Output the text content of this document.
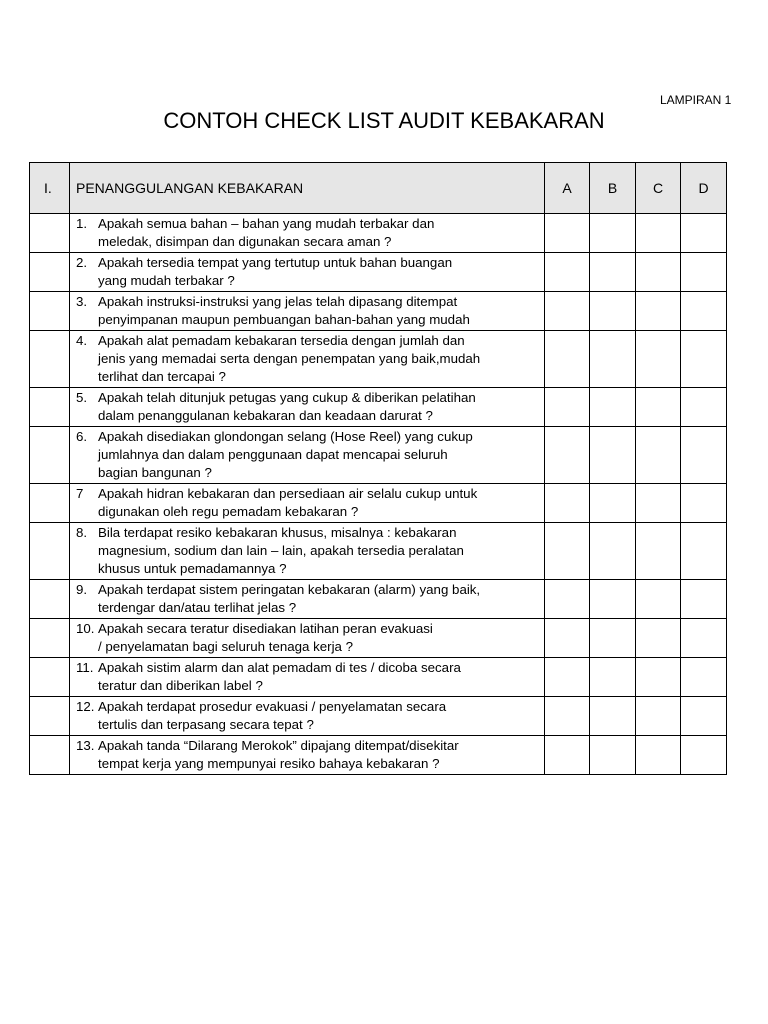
LAMPIRAN 1
CONTOH CHECK LIST AUDIT KEBAKARAN
I.	PENANGGULANGAN KEBAKARAN	A	B	C	D

	1. Apakah semua bahan – bahan yang mudah terbakar dan
meledak, disimpan dan digunakan secara aman ?				

	2. Apakah tersedia tempat yang tertutup untuk bahan buangan
yang mudah terbakar ?				

	3. Apakah instruksi-instruksi yang jelas telah dipasang ditempat
penyimpanan maupun pembuangan bahan-bahan yang mudah				

	4. Apakah alat pemadam kebakaran tersedia dengan jumlah dan
jenis yang memadai serta dengan penempatan yang baik,mudah
terlihat dan tercapai ?				

	5. Apakah telah ditunjuk petugas yang cukup & diberikan pelatihan
dalam penanggulanan kebakaran dan keadaan darurat ?				

	6. Apakah disediakan glondongan selang (Hose Reel) yang cukup
jumlahnya dan dalam penggunaan dapat mencapai seluruh
bagian bangunan ?				

	7 Apakah hidran kebakaran dan persediaan air selalu cukup untuk
digunakan oleh regu pemadam kebakaran ?				

	8. Bila terdapat resiko kebakaran khusus, misalnya : kebakaran
magnesium, sodium dan lain – lain, apakah tersedia peralatan
khusus untuk pemadamannya ?				

	9. Apakah terdapat sistem peringatan kebakaran (alarm) yang baik,
terdengar dan/atau terlihat jelas ?				

	10. Apakah secara teratur disediakan latihan peran evakuasi
/ penyelamatan bagi seluruh tenaga kerja ?				

	11. Apakah sistim alarm dan alat pemadam di tes / dicoba secara
teratur dan diberikan label ?				

	12. Apakah terdapat prosedur evakuasi / penyelamatan secara
tertulis dan terpasang secara tepat ?				

	13. Apakah tanda “Dilarang Merokok” dipajang ditempat/disekitar
tempat kerja yang mempunyai resiko bahaya kebakaran ?				
